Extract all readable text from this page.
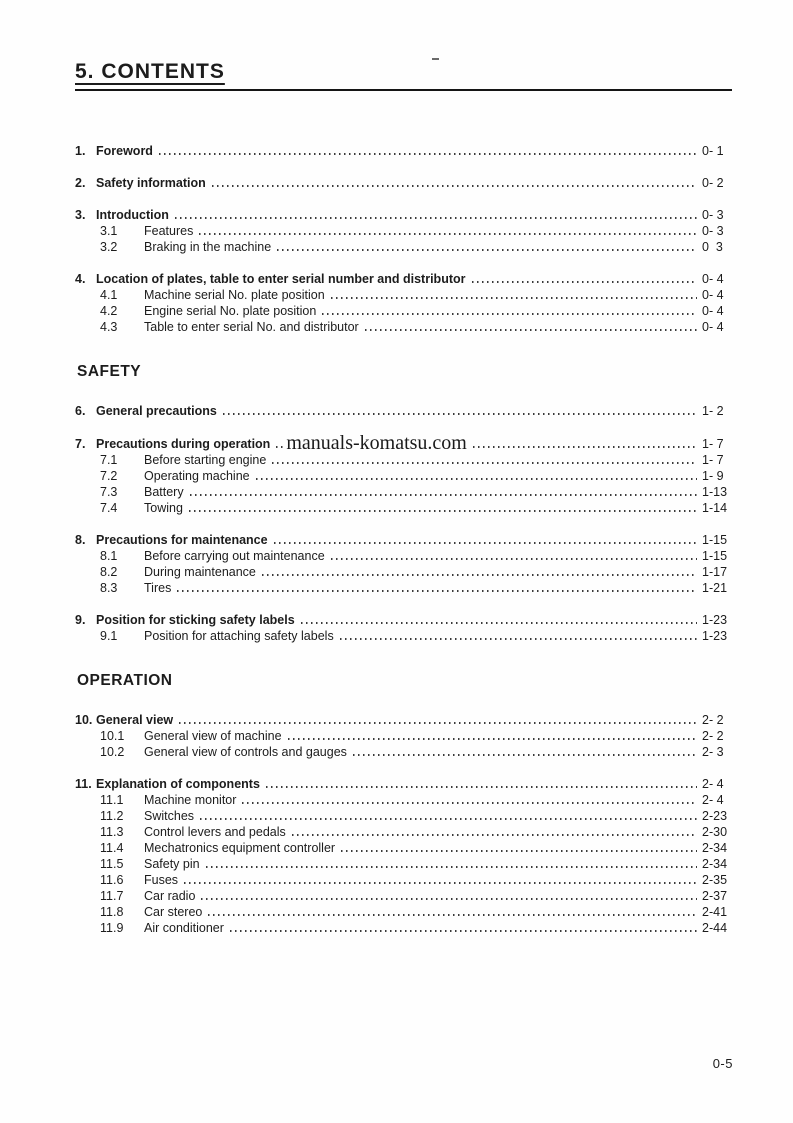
5. CONTENTS
1. Foreword	0- 1
2. Safety information	0- 2
3. Introduction	0- 3
3.1	Features	0- 3
3.2	Braking in the machine	0  3
4. Location of plates, table to enter serial number and distributor	0- 4
4.1	Machine serial No. plate position	0- 4
4.2	Engine serial No. plate position	0- 4
4.3	Table to enter serial No. and distributor	0- 4
SAFETY
6. General precautions	1- 2
7. Precautions during operation manuals-komatsu.com	1- 7
7.1	Before starting engine	1- 7
7.2	Operating machine	1- 9
7.3	Battery	1-13
7.4	Towing	1-14
8. Precautions for maintenance	1-15
8.1	Before carrying out maintenance	1-15
8.2	During maintenance	1-17
8.3	Tires	1-21
9. Position for sticking safety labels	1-23
9.1	Position for attaching safety labels	1-23
OPERATION
10. General view	2- 2
10.1	General view of machine	2- 2
10.2	General view of controls and gauges	2- 3
11. Explanation of components	2- 4
11.1	Machine monitor	2- 4
11.2	Switches	2-23
11.3	Control levers and pedals	2-30
11.4	Mechatronics equipment controller	2-34
11.5	Safety pin	2-34
11.6	Fuses	2-35
11.7	Car radio	2-37
11.8	Car stereo	2-41
11.9	Air conditioner	2-44
0-5
